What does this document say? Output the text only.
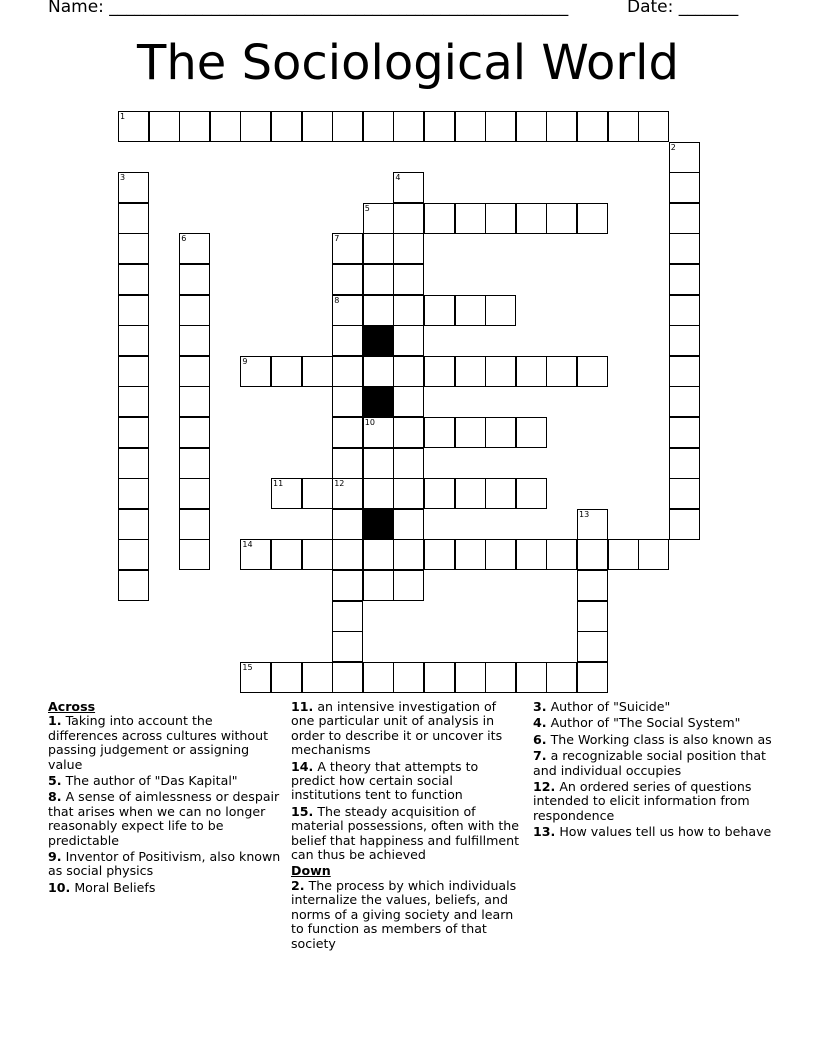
Name: ______________________________________________________	Date: _______
The Sociological World
1
2
3	4
5
6	7
8
12
9
10
11
13
14
15
Across
1. Taking into account the differences across cultures without passing judgement or assigning value
5. The author of "Das Kapital"
8. A sense of aimlessness or despair that arises when we can no longer reasonably expect life to be predictable
9. Inventor of Positivism, also known as social physics
10. Moral Beliefs
11. an intensive investigation of one particular unit of analysis in order to describe it or uncover its mechanisms
14. A theory that attempts to predict how certain social institutions tent to function
15. The steady acquisition of material possessions, often with the belief that happiness and fulfillment can thus be achieved
Down
2. The process by which individuals internalize the values, beliefs, and norms of a giving society and learn to function as members of that society
3. Author of "Suicide"
4. Author of "The Social System"
6. The Working class is also known as
7. a recognizable social position that and individual occupies
12. An ordered series of questions intended to elicit information from respondence
13. How values tell us how to behave
